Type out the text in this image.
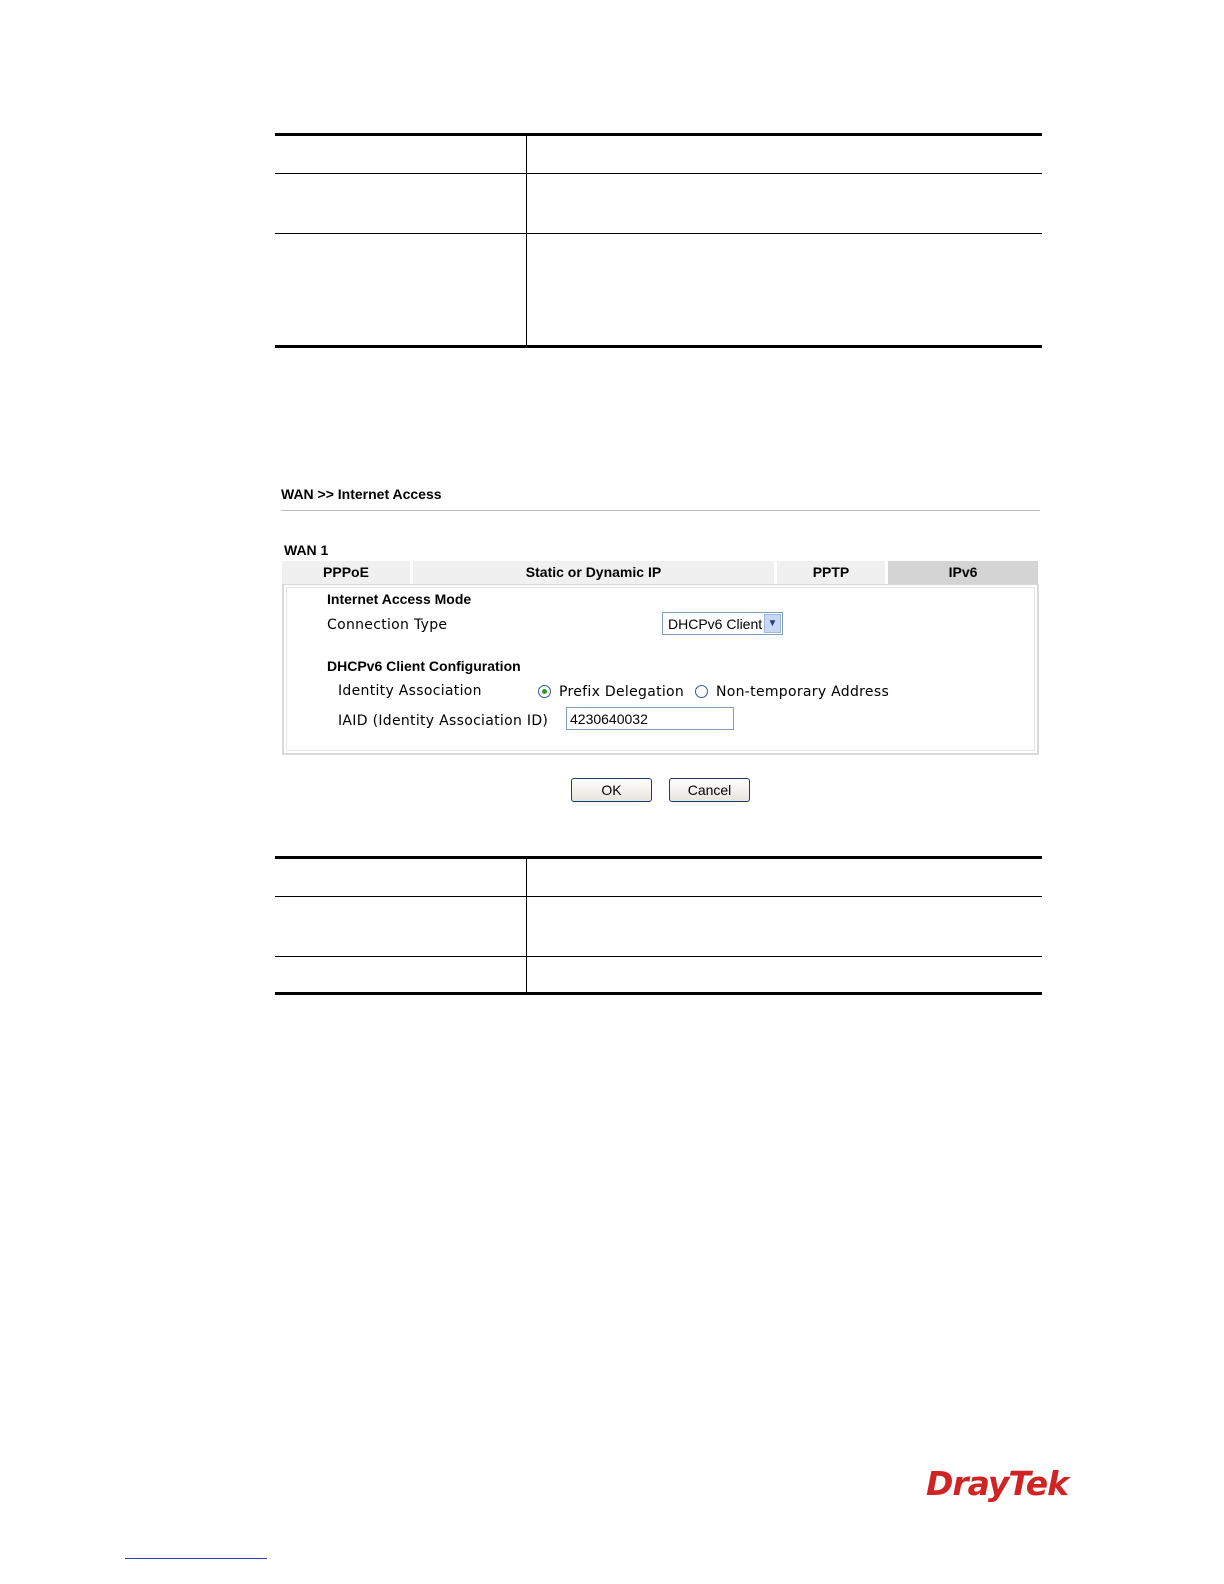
WAN >> Internet Access
WAN 1
PPPoE	Static or Dynamic IP	PPTP	IPv6
Internet Access Mode
Connection Type	DHCPv6 Client ▼
DHCPv6 Client Configuration
Identity Association	Prefix Delegation Non-temporary Address
IAID (Identity Association ID) 4230640032
OK	Cancel
DrayTek
